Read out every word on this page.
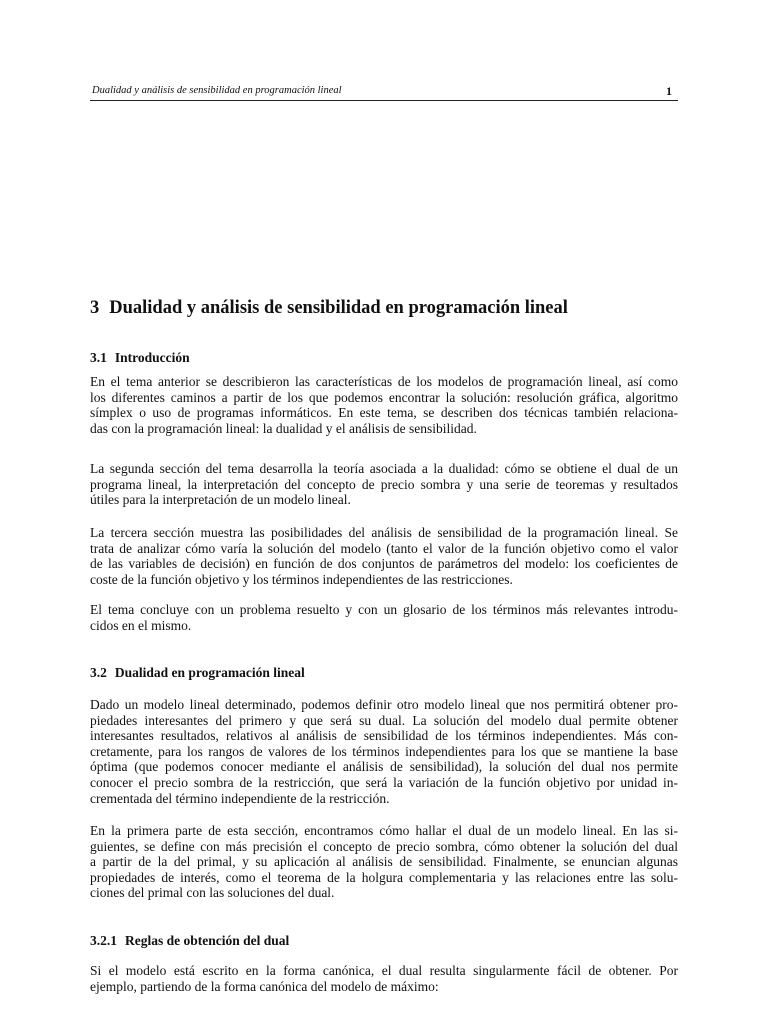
Dualidad y análisis de sensibilidad en programación lineal	1
3 Dualidad y análisis de sensibilidad en programación lineal
3.1 Introducción
En el tema anterior se describieron las características de los modelos de programación lineal, así como
los diferentes caminos a partir de los que podemos encontrar la solución: resolución gráfica, algoritmo
símplex o uso de programas informáticos. En este tema, se describen dos técnicas también relaciona-
das con la programación lineal: la dualidad y el análisis de sensibilidad.
La segunda sección del tema desarrolla la teoría asociada a la dualidad: cómo se obtiene el dual de un
programa lineal, la interpretación del concepto de precio sombra y una serie de teoremas y resultados
útiles para la interpretación de un modelo lineal.
La tercera sección muestra las posibilidades del análisis de sensibilidad de la programación lineal. Se
trata de analizar cómo varía la solución del modelo (tanto el valor de la función objetivo como el valor
de las variables de decisión) en función de dos conjuntos de parámetros del modelo: los coeficientes de
coste de la función objetivo y los términos independientes de las restricciones.
El tema concluye con un problema resuelto y con un glosario de los términos más relevantes introdu-
cidos en el mismo.
3.2 Dualidad en programación lineal
Dado un modelo lineal determinado, podemos definir otro modelo lineal que nos permitirá obtener pro-
piedades interesantes del primero y que será su dual. La solución del modelo dual permite obtener
interesantes resultados, relativos al análisis de sensibilidad de los términos independientes. Más con-
cretamente, para los rangos de valores de los términos independientes para los que se mantiene la base
óptima (que podemos conocer mediante el análisis de sensibilidad), la solución del dual nos permite
conocer el precio sombra de la restricción, que será la variación de la función objetivo por unidad in-
crementada del término independiente de la restricción.
En la primera parte de esta sección, encontramos cómo hallar el dual de un modelo lineal. En las si-
guientes, se define con más precisión el concepto de precio sombra, cómo obtener la solución del dual
a partir de la del primal, y su aplicación al análisis de sensibilidad. Finalmente, se enuncian algunas
propiedades de interés, como el teorema de la holgura complementaria y las relaciones entre las solu-
ciones del primal con las soluciones del dual.
3.2.1 Reglas de obtención del dual
Si el modelo está escrito en la forma canónica, el dual resulta singularmente fácil de obtener. Por
ejemplo, partiendo de la forma canónica del modelo de máximo:
